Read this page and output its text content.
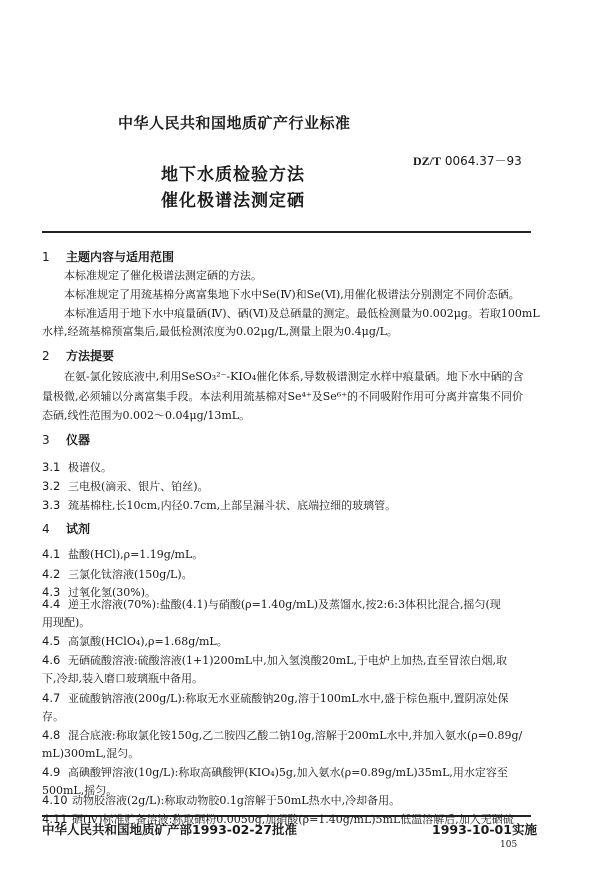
中华人民共和国地质矿产行业标准
地下水质检验方法
催化极谱法测定硒
DZ/T 0064.37－93
1 主题内容与适用范围
本标准规定了催化极谱法测定硒的方法。
本标准规定了用巯基棉分离富集地下水中Se(Ⅳ)和Se(Ⅵ),用催化极谱法分别测定不同价态硒。
本标准适用于地下水中痕量硒(Ⅳ)、硒(Ⅵ)及总硒量的测定。最低检测量为0.002μg。若取100mL
水样,经巯基棉预富集后,最低检测浓度为0.02μg/L,测量上限为0.4μg/L。
2 方法提要
在氨-氯化铵底液中,利用SeSO₃²⁻-KIO₄催化体系,导数极谱测定水样中痕量硒。地下水中硒的含
量极微,必须辅以分离富集手段。本法利用巯基棉对Se⁴⁺及Se⁶⁺的不同吸附作用可分离并富集不同价
态硒,线性范围为0.002～0.04μg/13mL。
3 仪器
3.1 极谱仪。
3.2 三电极(滴汞、银片、铂丝)。
3.3 巯基棉柱,长10cm,内径0.7cm,上部呈漏斗状、底端拉细的玻璃管。
4 试剂
4.1 盐酸(HCl),ρ=1.19g/mL。
4.2 三氯化钛溶液(150g/L)。
4.3 过氧化氢(30%)。
4.4 逆王水溶液(70%):盐酸(4.1)与硝酸(ρ=1.40g/mL)及蒸馏水,按2:6:3体积比混合,摇匀(现
用现配)。
4.5 高氯酸(HClO₄),ρ=1.68g/mL。
4.6 无硒硫酸溶液:硫酸溶液(1+1)200mL中,加入氢溴酸20mL,于电炉上加热,直至冒浓白烟,取
下,冷却,装入磨口玻璃瓶中备用。
4.7 亚硫酸钠溶液(200g/L):称取无水亚硫酸钠20g,溶于100mL水中,盛于棕色瓶中,置阴凉处保
存。
4.8 混合底液:称取氯化铵150g,乙二胺四乙酸二钠10g,溶解于200mL水中,并加入氨水(ρ=0.89g/
mL)300mL,混匀。
4.9 高碘酸钾溶液(10g/L):称取高碘酸钾(KIO₄)5g,加入氨水(ρ=0.89g/mL)35mL,用水定容至
500mL,摇匀。
中华人民共和国地质矿产部1993-02-27批准	1993-10-01实施
105
4.10 动物胶溶液(2g/L):称取动物胶0.1g溶解于50mL热水中,冷却备用。
4.11 硒(Ⅳ)标准贮备溶液:称取硒粉0.0050g,加硝酸(ρ=1.40g/mL)5mL低温溶解后,加入无硒硫
